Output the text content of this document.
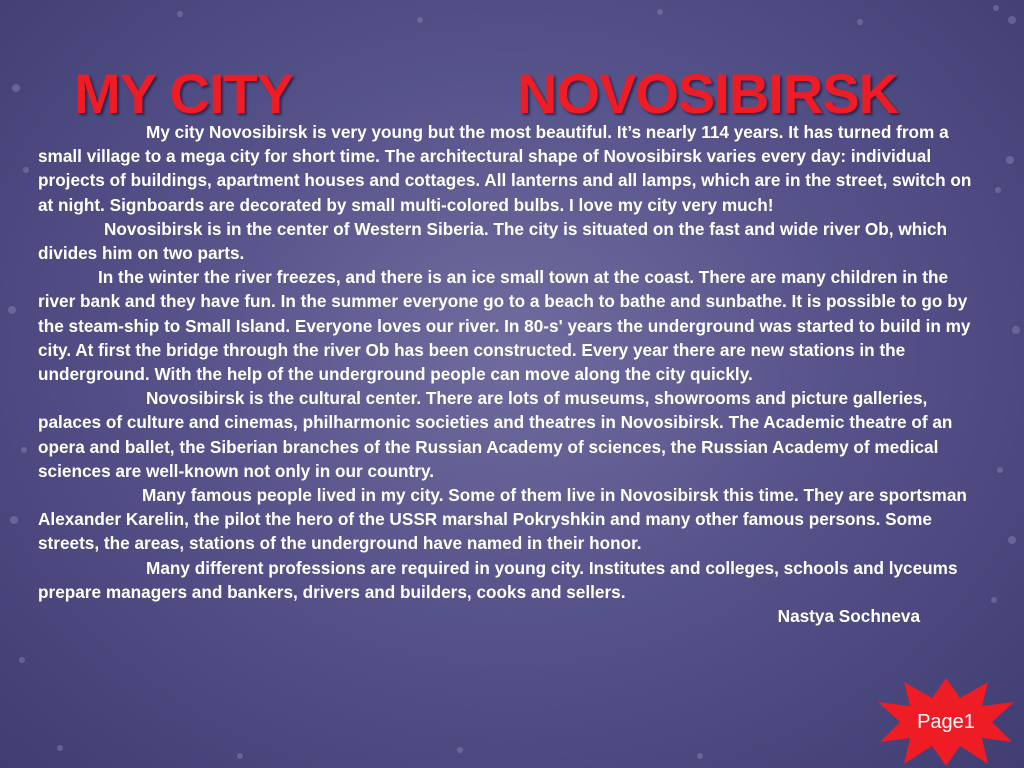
MY CITY	NOVOSIBIRSK

My city Novosibirsk is very young but the most beautiful. It’s nearly 114 years. It has turned from a small village to a mega city for short time. The architectural shape of Novosibirsk varies every day: individual projects of buildings, apartment houses and cottages. All lanterns and all lamps, which are in the street, switch on at night. Signboards are decorated by small multi-colored bulbs. I love my city very much!

Novosibirsk is in the center of Western Siberia. The city is situated on the fast and wide river Ob, which divides him on two parts.

In the winter the river freezes, and there is an ice small town at the coast. There are many children in the river bank and they have fun. In the summer everyone go to a beach to bathe and sunbathe. It is possible to go by the steam-ship to Small Island. Everyone loves our river. In 80-s' years the underground was started to build in my city. At first the bridge through the river Ob has been constructed. Every year there are new stations in the underground. With the help of the underground people can move along the city quickly.

Novosibirsk is the cultural center. There are lots of museums, showrooms and picture galleries, palaces of culture and cinemas, philharmonic societies and theatres in Novosibirsk. The Academic theatre of an opera and ballet, the Siberian branches of the Russian Academy of sciences, the Russian Academy of medical sciences are well-known not only in our country.

Many famous people lived in my city. Some of them live in Novosibirsk this time. They are sportsman Alexander Karelin, the pilot the hero of the USSR marshal Pokryshkin and many other famous persons. Some streets, the areas, stations of the underground have named in their honor.

Many different professions are required in young city. Institutes and colleges, schools and lyceums prepare managers and bankers, drivers and builders, cooks and sellers.

Nastya Sochneva

Page1
